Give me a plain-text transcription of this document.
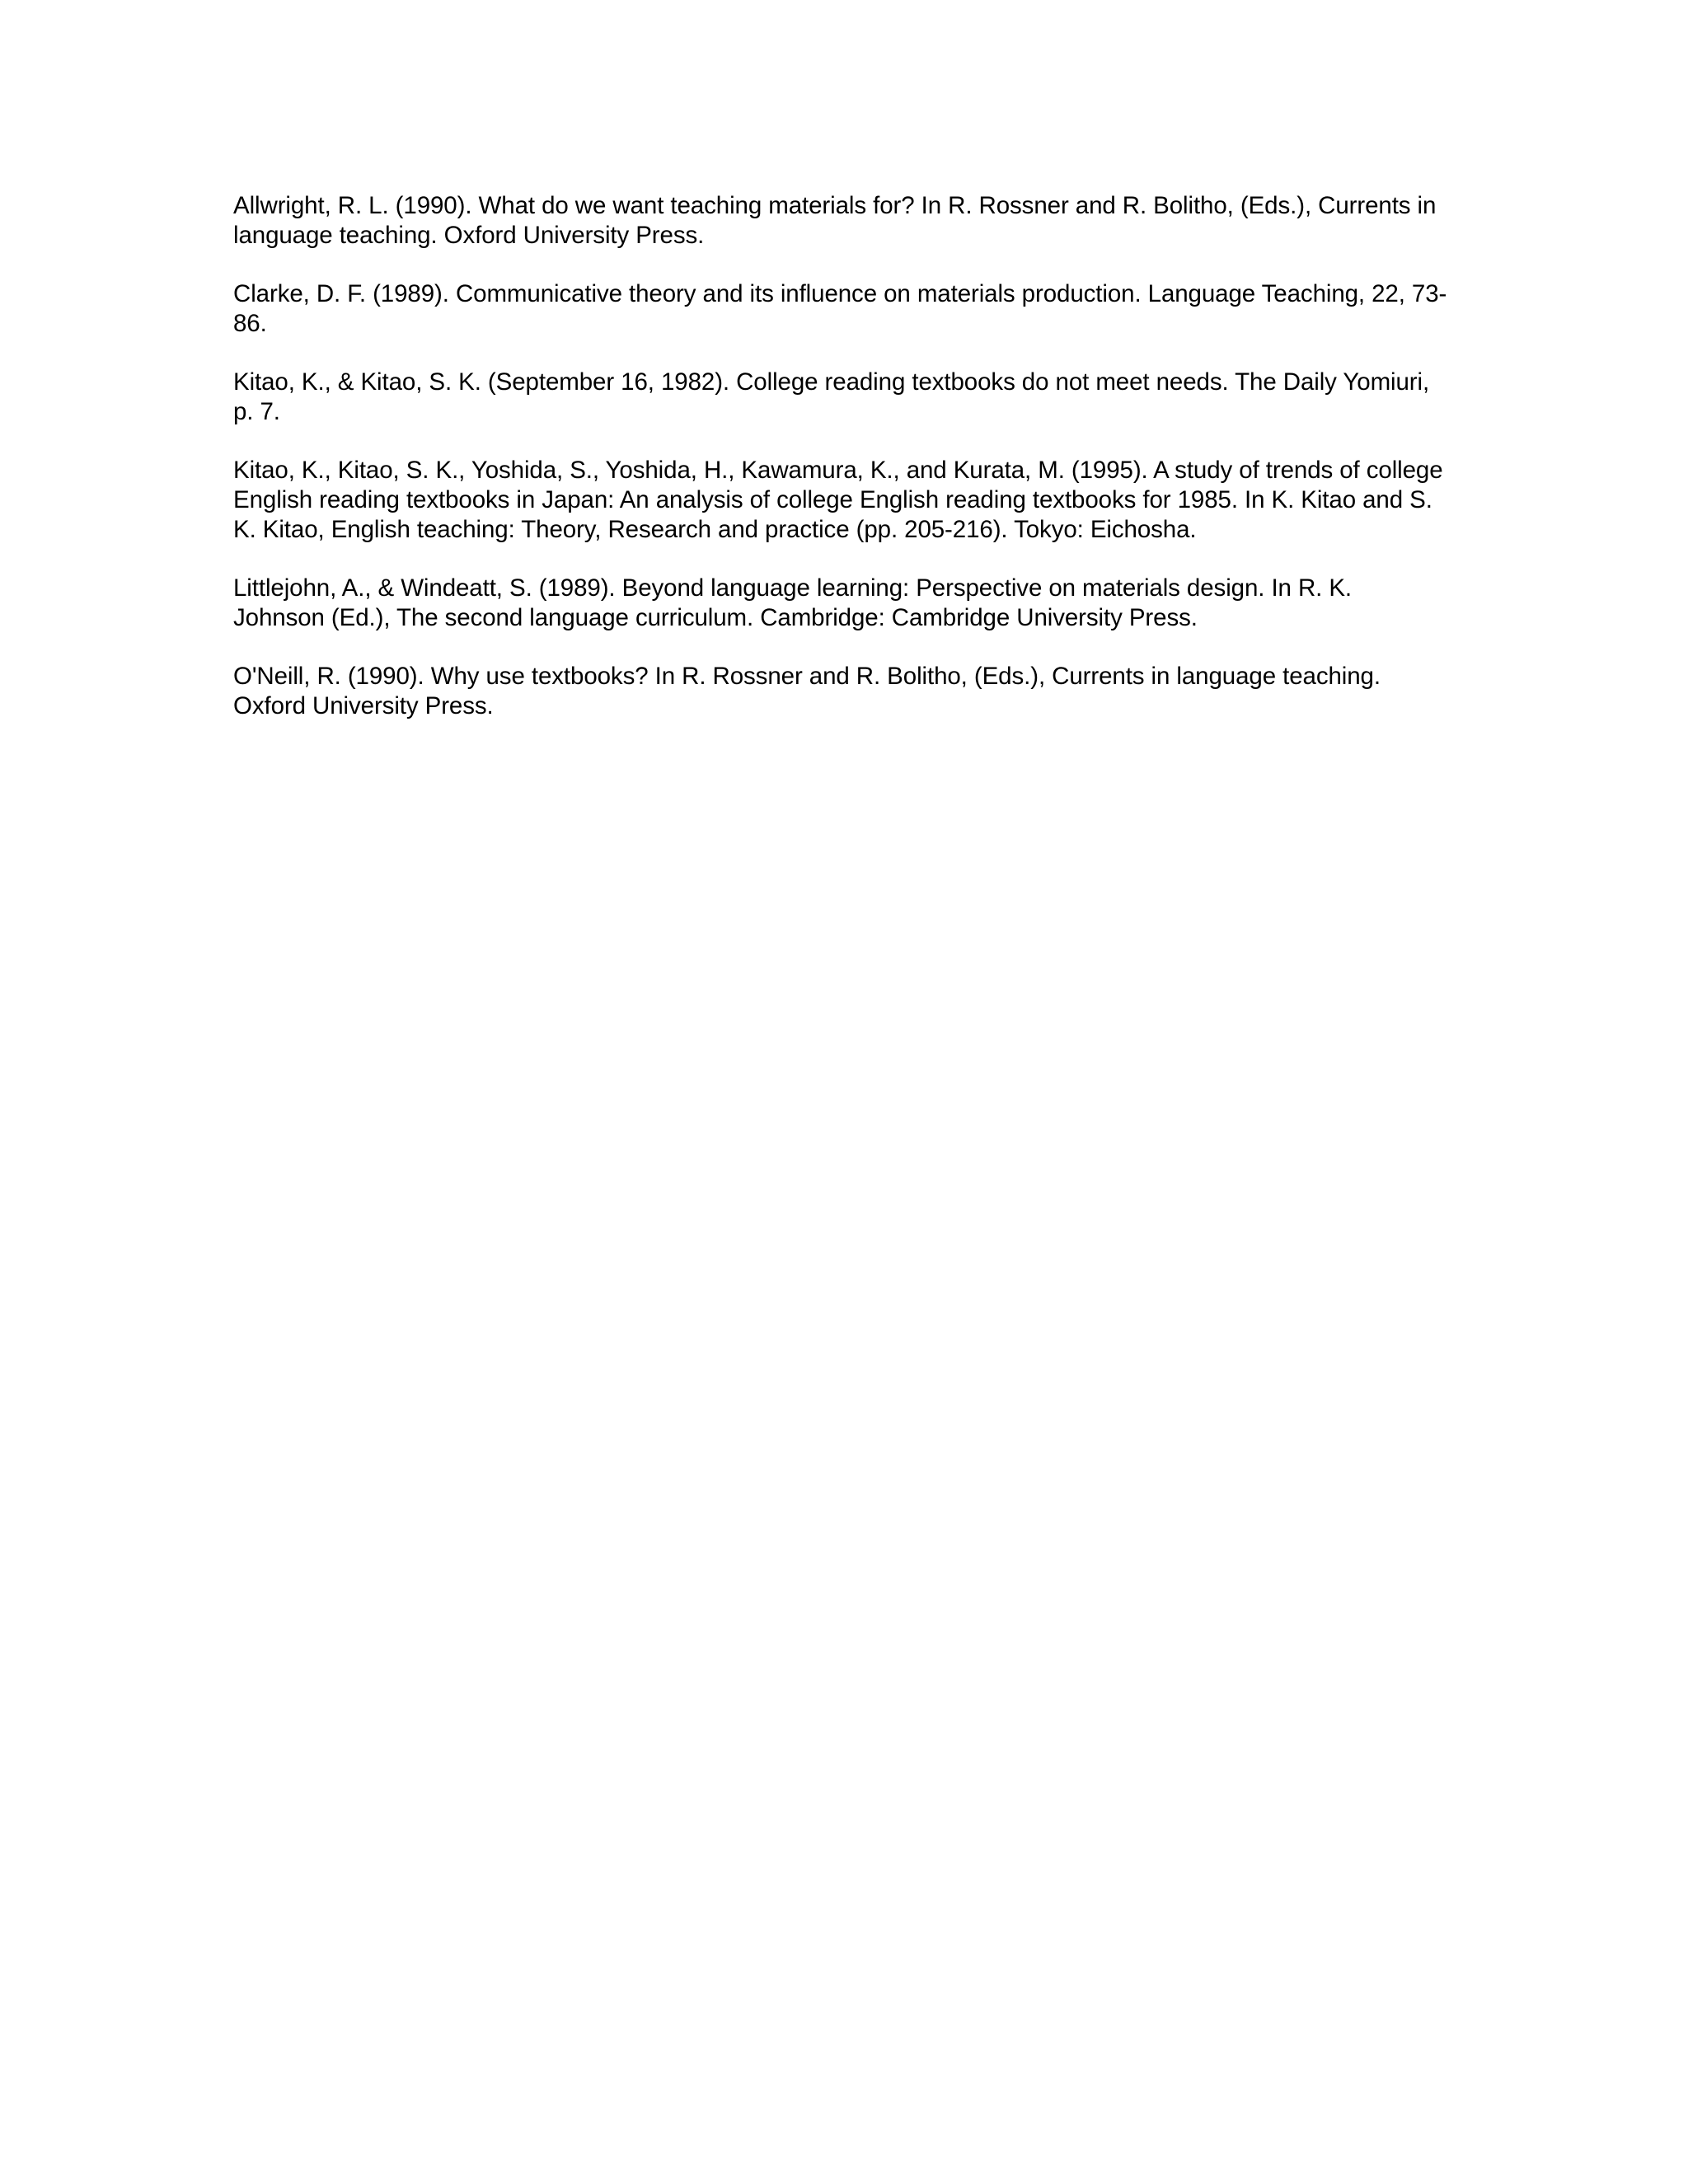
Allwright, R. L. (1990). What do we want teaching materials for? In R. Rossner and R. Bolitho, (Eds.), Currents in language teaching. Oxford University Press.
Clarke, D. F. (1989). Communicative theory and its influence on materials production. Language Teaching, 22, 73-86.
Kitao, K., & Kitao, S. K. (September 16, 1982). College reading textbooks do not meet needs. The Daily Yomiuri, p. 7.
Kitao, K., Kitao, S. K., Yoshida, S., Yoshida, H., Kawamura, K., and Kurata, M. (1995). A study of trends of college English reading textbooks in Japan: An analysis of college English reading textbooks for 1985. In K. Kitao and S. K. Kitao, English teaching: Theory, Research and practice (pp. 205-216). Tokyo: Eichosha.
Littlejohn, A., & Windeatt, S. (1989). Beyond language learning: Perspective on materials design. In R. K. Johnson (Ed.), The second language curriculum. Cambridge: Cambridge University Press.
O'Neill, R. (1990). Why use textbooks? In R. Rossner and R. Bolitho, (Eds.), Currents in language teaching. Oxford University Press.
